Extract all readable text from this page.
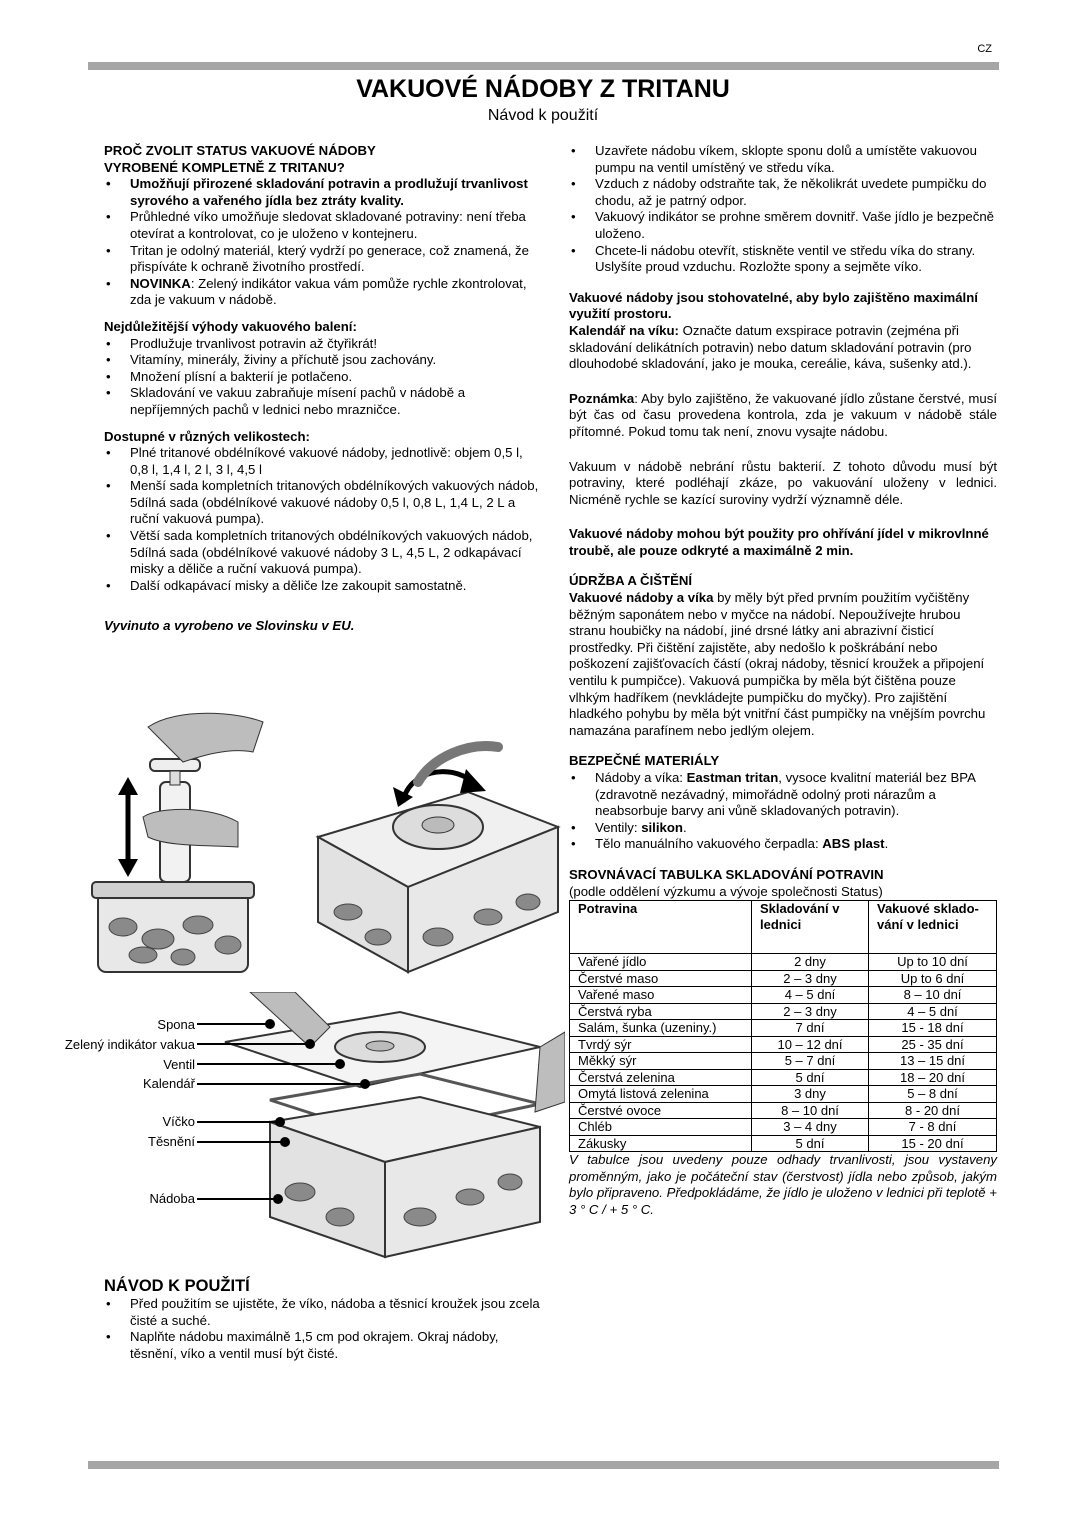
CZ
VAKUOVÉ NÁDOBY Z TRITANU
Návod k použití

PROČ ZVOLIT STATUS VAKUOVÉ NÁDOBY

VYROBENÉ KOMPLETNĚ Z TRITANU?

• Umožňují přirozené skladování potravin a prodlužují trvanlivost syrového a vařeného jídla bez ztráty kvality.
• Průhledné víko umožňuje sledovat skladované potraviny: není třeba otevírat a kontrolovat, co je uloženo v kontejneru.
• Tritan je odolný materiál, který vydrží po generace, což znamená, že přispíváte k ochraně životního prostředí.
• NOVINKA: Zelený indikátor vakua vám pomůže rychle zkontrolovat, zda je vakuum v nádobě.

Nejdůležitější výhody vakuového balení:

• Prodlužuje trvanlivost potravin až čtyřikrát!
• Vitamíny, minerály, živiny a příchutě jsou zachovány.
• Množení plísní a bakterií je potlačeno.
• Skladování ve vakuu zabraňuje mísení pachů v nádobě a nepříjemných pachů v lednici nebo mrazničce.

Dostupné v různých velikostech:

• Plné tritanové obdélníkové vakuové nádoby, jednotlivě: objem 0,5 l, 0,8 l, 1,4 l, 2 l, 3 l, 4,5 l
• Menší sada kompletních tritanových obdélníkových vakuových nádob, 5dílná sada (obdélníkové vakuové nádoby 0,5 l, 0,8 L, 1,4 L, 2 L a ruční vakuová pumpa).
• Větší sada kompletních tritanových obdélníkových vakuových nádob, 5dílná sada (obdélníkové vakuové nádoby 3 L, 4,5 L, 2 odkapávací misky a děliče a ruční vakuová pumpa).
• Další odkapávací misky a děliče lze zakoupit samostatně.

Vyvinuto a vyrobeno ve Slovinsku v EU.

Spona
Zelený indikátor vakua
Ventil
Kalendář
Víčko
Těsnění
Nádoba

NÁVOD K POUŽITÍ

• Před použitím se ujistěte, že víko, nádoba a těsnicí kroužek jsou zcela čisté a suché.
• Naplňte nádobu maximálně 1,5 cm pod okrajem. Okraj nádoby, těsnění, víko a ventil musí být čisté.
• Uzavřete nádobu víkem, sklopte sponu dolů a umístěte vakuovou pumpu na ventil umístěný ve středu víka.
• Vzduch z nádoby odstraňte tak, že několikrát uvedete pumpičku do chodu, až je patrný odpor.
• Vakuový indikátor se prohne směrem dovnitř. Vaše jídlo je bezpečně uloženo.
• Chcete-li nádobu otevřít, stiskněte ventil ve středu víka do strany. Uslyšíte proud vzduchu. Rozložte spony a sejměte víko.

Vakuové nádoby jsou stohovatelné, aby bylo zajištěno maximální využití prostoru.

Kalendář na víku: Označte datum exspirace potravin (zejména při skladování delikátních potravin) nebo datum skladování potravin (pro dlouhodobé skladování, jako je mouka, cereálie, káva, sušenky atd.).

Poznámka: Aby bylo zajištěno, že vakuované jídlo zůstane čerstvé, musí být čas od času provedena kontrola, zda je vakuum v nádobě stále přítomné. Pokud tomu tak není, znovu vysajte nádobu.

Vakuum v nádobě nebrání růstu bakterií. Z tohoto důvodu musí být potraviny, které podléhají zkáze, po vakuování uloženy v lednici. Nicméně rychle se kazící suroviny vydrží významně déle.

Vakuové nádoby mohou být použity pro ohřívání jídel v mikrovlnné troubě, ale pouze odkryté a maximálně 2 min.

ÚDRŽBA A ČIŠTĚNÍ

Vakuové nádoby a víka by měly být před prvním použitím vyčištěny běžným saponátem nebo v myčce na nádobí. Nepoužívejte hrubou stranu houbičky na nádobí, jiné drsné látky ani abrazivní čisticí prostředky. Při čištění zajistěte, aby nedošlo k poškrábání nebo poškození zajišťovacích částí (okraj nádoby, těsnicí kroužek a připojení ventilu k pumpičce). Vakuová pumpička by měla být čištěna pouze vlhkým hadříkem (nevkládejte pumpičku do myčky). Pro zajištění hladkého pohybu by měla být vnitřní část pumpičky na vnějším povrchu namazána parafínem nebo jedlým olejem.

BEZPEČNÉ MATERIÁLY

• Nádoby a víka: Eastman tritan, vysoce kvalitní materiál bez BPA (zdravotně nezávadný, mimořádně odolný proti nárazům a neabsorbuje barvy ani vůně skladovaných potravin).
• Ventily: silikon.
• Tělo manuálního vakuového čerpadla: ABS plast.

SROVNÁVACÍ TABULKA SKLADOVÁNÍ POTRAVIN

(podle oddělení výzkumu a vývoje společnosti Status)

Potravina	Skladování v lednici	Vakuové sklado-vání v lednici
Vařené jídlo	2 dny	Up to 10 dní
Čerstvé maso	2 – 3 dny	Up to 6 dní
Vařené maso	4 – 5 dní	8 – 10 dní
Čerstvá ryba	2 – 3 dny	4 – 5 dní
Salám, šunka (uzeniny.)	7 dní	15 - 18 dní
Tvrdý sýr	10 – 12 dní	25 - 35 dní
Měkký sýr	5 – 7 dní	13 – 15 dní
Čerstvá zelenina	5 dní	18 – 20 dní
Omytá listová zelenina	3 dny	5 – 8 dní
Čerstvé ovoce	8 – 10 dní	8 - 20 dní
Chléb	3 – 4 dny	7 - 8 dní
Zákusky	5 dní	15 - 20 dní

V tabulce jsou uvedeny pouze odhady trvanlivosti, jsou vystaveny proměnným, jako je počáteční stav (čerstvost) jídla nebo způsob, jakým bylo připraveno. Předpokládáme, že jídlo je uloženo v lednici při teplotě + 3 ° C / + 5 ° C.
